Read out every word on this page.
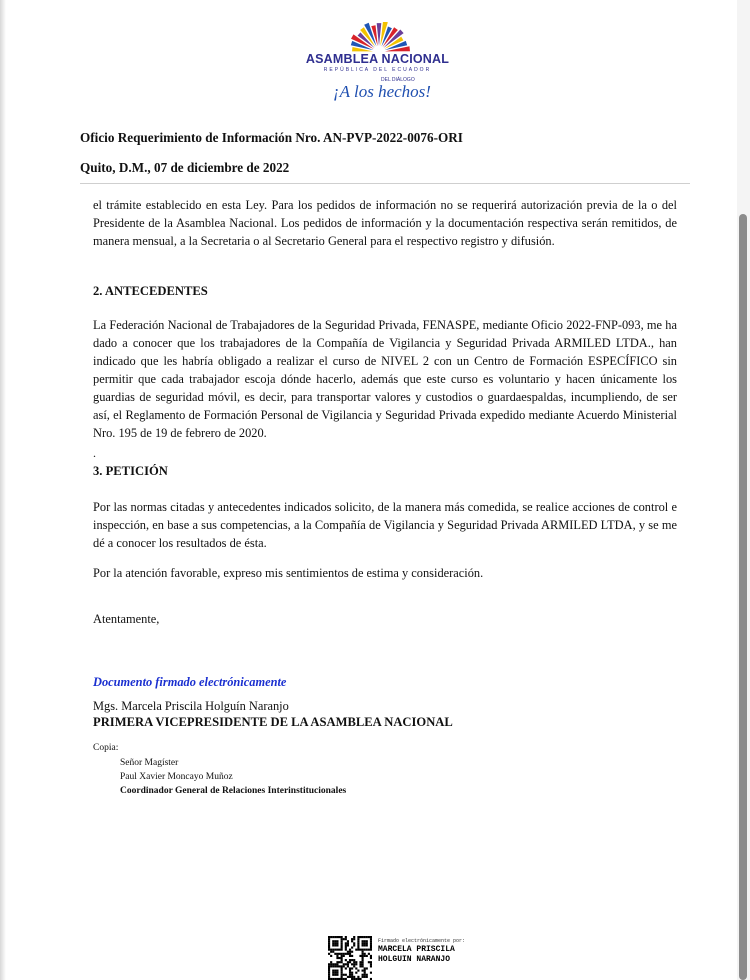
ASAMBLEA NACIONAL
REPÚBLICA DEL ECUADOR
DEL DIÁLOGO
¡A los hechos!
Oficio Requerimiento de Información Nro. AN-PVP-2022-0076-ORI
Quito, D.M., 07 de diciembre de 2022

el trámite establecido en esta Ley. Para los pedidos de información no se requerirá autorización previa de la o del Presidente de la Asamblea Nacional. Los pedidos de información y la documentación respectiva serán remitidos, de manera mensual, a la Secretaria o al Secretario General para el respectivo registro y difusión.

2. ANTECEDENTES

La Federación Nacional de Trabajadores de la Seguridad Privada, FENASPE, mediante Oficio 2022-FNP-093, me ha dado a conocer que los trabajadores de la Compañía de Vigilancia y Seguridad Privada ARMILED LTDA., han indicado que les habría obligado a realizar el curso de NIVEL 2 con un Centro de Formación ESPECÍFICO sin permitir que cada trabajador escoja dónde hacerlo, además que este curso es voluntario y hacen únicamente los guardias de seguridad móvil, es decir, para transportar valores y custodios o guardaespaldas, incumpliendo, de ser así, el Reglamento de Formación Personal de Vigilancia y Seguridad Privada expedido mediante Acuerdo Ministerial Nro. 195 de 19 de febrero de 2020.

.
3. PETICIÓN

Por las normas citadas y antecedentes indicados solicito, de la manera más comedida, se realice acciones de control e inspección, en base a sus competencias, a la Compañía de Vigilancia y Seguridad Privada ARMILED LTDA, y se me dé a conocer los resultados de ésta.

Por la atención favorable, expreso mis sentimientos de estima y consideración.

Atentamente,
Documento firmado electrónicamente
Mgs. Marcela Priscila Holguín Naranjo
PRIMERA VICEPRESIDENTE DE LA ASAMBLEA NACIONAL
Copia:
Señor Magíster
Paul Xavier Moncayo Muñoz
Coordinador General de Relaciones Interinstitucionales
Firmado electrónicamente por:
MARCELA PRISCILA
HOLGUIN NARANJO
